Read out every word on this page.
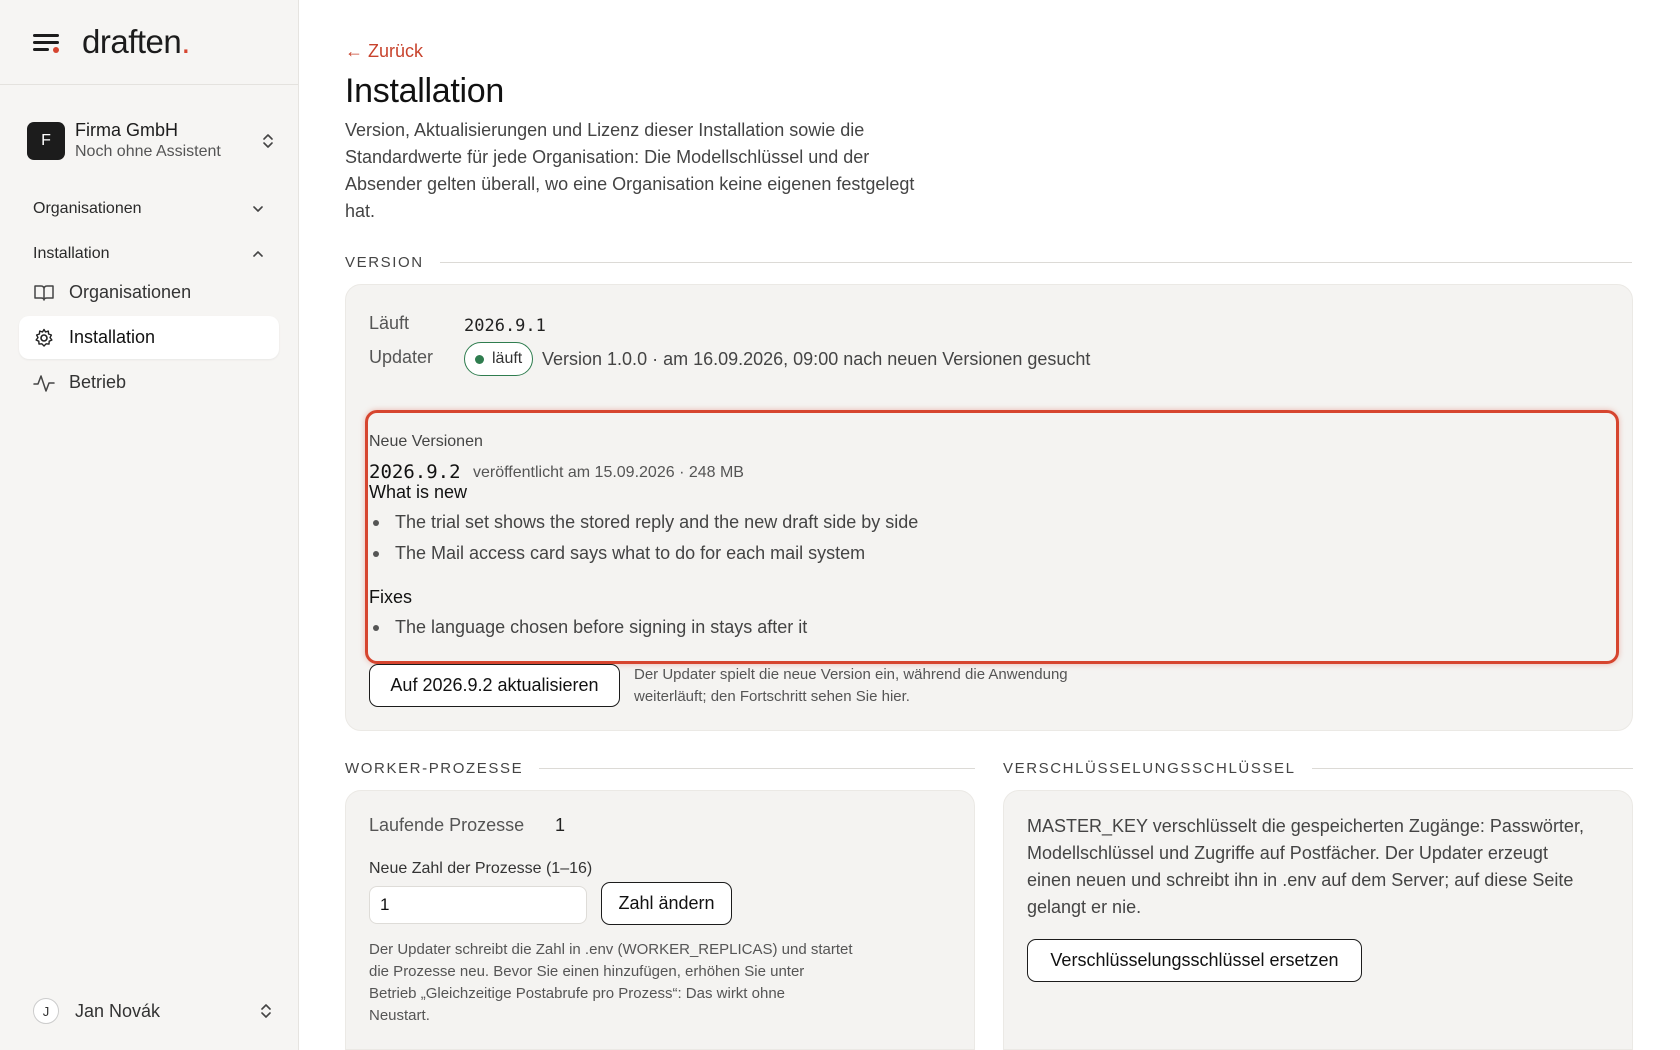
draften.
F
Firma GmbH
Noch ohne Assistent
Organisationen
Installation
Organisationen
Installation
Betrieb
J	Jan Novák
← Zurück
Installation

Version, Aktualisierungen und Lizenz dieser Installation sowie die Standardwerte für jede Organisation: Die Modellschlüssel und der Absender gelten überall, wo eine Organisation keine eigenen festgelegt hat.

VERSION
Läuft	2026.9.1
Updater	läuft Version 1.0.0 · am 16.09.2026, 09:00 nach neuen Versionen gesucht
Neue Versionen
2026.9.2 veröffentlicht am 15.09.2026 · 248 MB
What is new
The trial set shows the stored reply and the new draft side by side
The Mail access card says what to do for each mail system
Fixes
The language chosen before signing in stays after it
Auf 2026.9.2 aktualisieren
Der Updater spielt die neue Version ein, während die Anwendung
weiterläuft; den Fortschritt sehen Sie hier.
WORKER-PROZESSE
Laufende Prozesse 1
Neue Zahl der Prozesse (1–16)
1	Zahl ändern
Der Updater schreibt die Zahl in .env (WORKER_REPLICAS) und startet
die Prozesse neu. Bevor Sie einen hinzufügen, erhöhen Sie unter
Betrieb „Gleichzeitige Postabrufe pro Prozess“: Das wirkt ohne
Neustart.
VERSCHLÜSSELUNGSSCHLÜSSEL
MASTER_KEY verschlüsselt die gespeicherten Zugänge: Passwörter,
Modellschlüssel und Zugriffe auf Postfächer. Der Updater erzeugt
einen neuen und schreibt ihn in .env auf dem Server; auf diese Seite
gelangt er nie.
Verschlüsselungsschlüssel ersetzen
